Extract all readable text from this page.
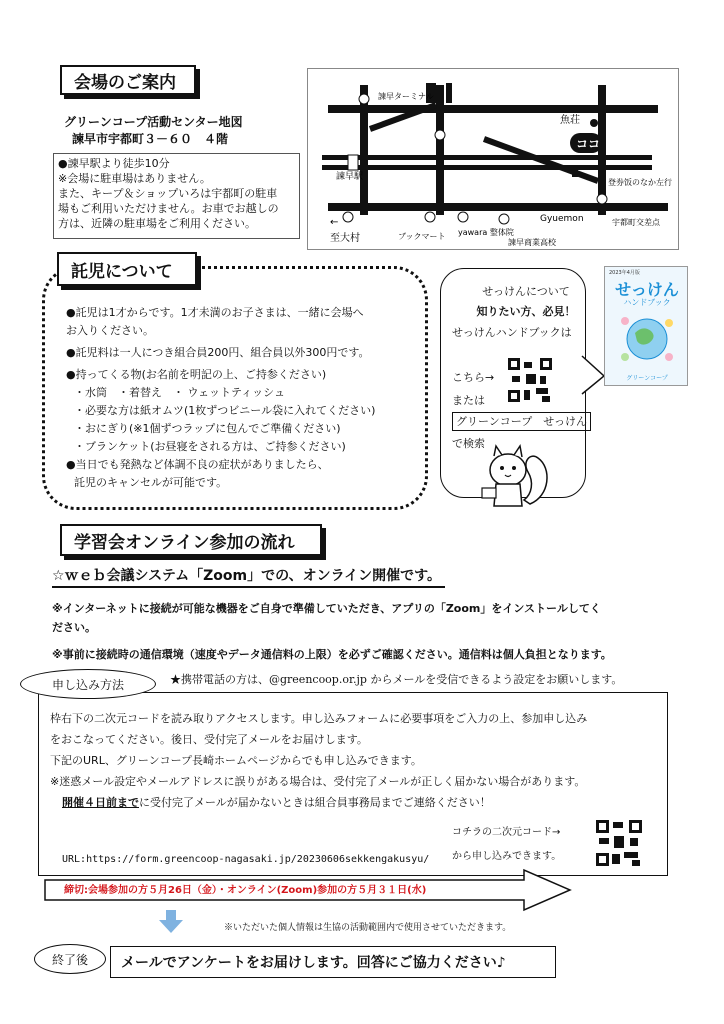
会場のご案内
グリーンコープ活動センター地図
諫早市宇都町３－６０　４階
●諫早駅より徒歩10分
※会場に駐車場はありません。
また、キープ＆ショップいろは宇都町の駐車
場もご利用いただけません。お車でお越しの
方は、近隣の駐車場をご利用ください。
ココ
諫早ターミナル
諫早駅
魚荘
登券饭のなか左行
←
至大村	ブックマート yawara 整体院
Gyuemon	宇都町交差点
諫早商業高校
託児について
●託児は1才からです。1才未満のお子さまは、一緒に会場へ
お入りください。
●託児料は一人につき組合員200円、組合員以外300円です。
●持ってくる物(お名前を明記の上、ご持参ください)
・水筒　・着替え　・ ウェットティッシュ
・必要な方は紙オムツ(1枚ずつビニール袋に入れてください)
・おにぎり(※1個ずつラップに包んでご準備ください)
・ブランケット(お昼寝をされる方は、ご持参ください)
●当日でも発熱など体調不良の症状がありましたら、
託児のキャンセルが可能です。
せっけんについて
知りたい方、必見！
せっけんハンドブックは
こちら→
または
グリーンコープ　せっけん
で検索
2023年4月版
せっけん
ハンドブック
グリーンコープ
学習会オンライン参加の流れ
☆ｗｅｂ会議システム「Zoom」での、オンライン開催です。
※インターネットに接続が可能な機器をご自身で準備していただき、アプリの「Zoom」をインストールしてく
ださい。
※事前に接続時の通信環境（速度やデータ通信料の上限）を必ずご確認ください。通信料は個人負担となります。
申し込み方法	★携帯電話の方は、@greencoop.or.jp からメールを受信できるよう設定をお願いします。
枠右下の二次元コードを読み取りアクセスします。申し込みフォームに必要事項をご入力の上、参加申し込み
をおこなってください。後日、受付完了メールをお届けします。
下記のURL、グリーンコープ長崎ホームページからでも申し込みできます。
※迷惑メール設定やメールアドレスに誤りがある場合は、受付完了メールが正しく届かない場合があります。
開催４日前までに受付完了メールが届かないときは組合員事務局までご連絡ください！
コチラの二次元コード→
から申し込みできます。
URL:https://form.greencoop-nagasaki.jp/20230606sekkengakusyu/
締切:会場参加の方５月26日（金）・オンライン(Zoom)参加の方５月３１日(水)
※いただいた個人情報は生協の活動範囲内で使用させていただきます。
終了後 メールでアンケートをお届けします。回答にご協力ください♪
